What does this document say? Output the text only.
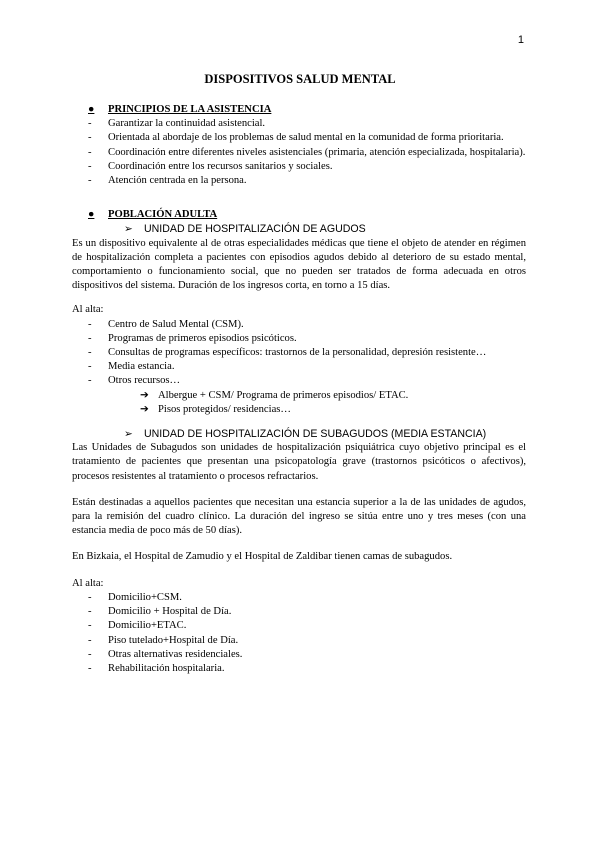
1
DISPOSITIVOS SALUD MENTAL
●	PRINCIPIOS DE LA ASISTENCIA
-	Garantizar la continuidad asistencial.
-	Orientada al abordaje de los problemas de salud mental en la comunidad de forma prioritaria.
-	Coordinación entre diferentes niveles asistenciales (primaria, atención especializada, hospitalaria).
-	Coordinación entre los recursos sanitarios y sociales.
-	Atención centrada en la persona.
●	POBLACIÓN ADULTA
➢	UNIDAD DE HOSPITALIZACIÓN DE AGUDOS

Es un dispositivo equivalente al de otras especialidades médicas que tiene el objeto de atender en régimen de hospitalización completa a pacientes con episodios agudos debido al deterioro de su estado mental, comportamiento o funcionamiento social, que no pueden ser tratados de forma adecuada en otros dispositivos del sistema. Duración de los ingresos corta, en torno a 15 días.

Al alta:

-	Centro de Salud Mental (CSM).
-	Programas de primeros episodios psicóticos.
-	Consultas de programas específicos: trastornos de la personalidad, depresión resistente…
-	Media estancia.
-	Otros recursos…
➔ Albergue + CSM/ Programa de primeros episodios/ ETAC.
➔ Pisos protegidos/ residencias…
➢	UNIDAD DE HOSPITALIZACIÓN DE SUBAGUDOS (MEDIA ESTANCIA)

Las Unidades de Subagudos son unidades de hospitalización psiquiátrica cuyo objetivo principal es el tratamiento de pacientes que presentan una psicopatología grave (trastornos psicóticos o afectivos), procesos resistentes al tratamiento o procesos refractarios.

Están destinadas a aquellos pacientes que necesitan una estancia superior a la de las unidades de agudos, para la remisión del cuadro clínico. La duración del ingreso se sitúa entre uno y tres meses (con una estancia media de poco más de 50 días).

En Bizkaia, el Hospital de Zamudio y el Hospital de Zaldibar tienen camas de subagudos.

Al alta:

-	Domicilio+CSM.
-	Domicilio + Hospital de Día.
-	Domicilio+ETAC.
-	Piso tutelado+Hospital de Día.
-	Otras alternativas residenciales.
-	Rehabilitación hospitalaria.
